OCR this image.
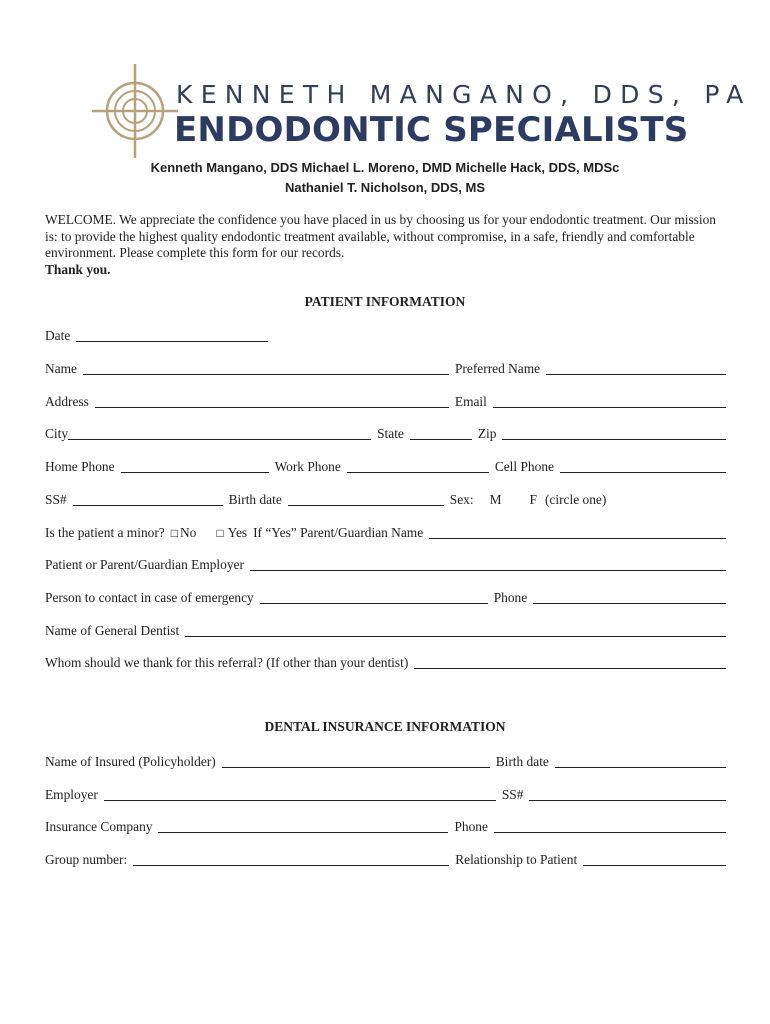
KENNETH MANGANO, DDS, PA
ENDODONTIC SPECIALISTS
Kenneth Mangano, DDS Michael L. Moreno, DMD Michelle Hack, DDS, MDSc
Nathaniel T. Nicholson, DDS, MS
WELCOME. We appreciate the confidence you have placed in us by choosing us for your endodontic treatment. Our mission is: to provide the highest quality endodontic treatment available, without compromise, in a safe, friendly and comfortable environment. Please complete this form for our records.
Thank you.
PATIENT INFORMATION
Date
Name	Preferred Name
Address	Email
City	State	Zip
Home Phone	Work Phone	Cell Phone
SS#	Birth date	Sex:	M	F (circle one)
Is the patient a minor? □ No	□ Yes If “Yes” Parent/Guardian Name
Patient or Parent/Guardian Employer
Person to contact in case of emergency	Phone
Name of General Dentist
Whom should we thank for this referral? (If other than your dentist)
DENTAL INSURANCE INFORMATION
Name of Insured (Policyholder)	Birth date
Employer	SS#
Insurance Company	Phone
Group number:	Relationship to Patient
